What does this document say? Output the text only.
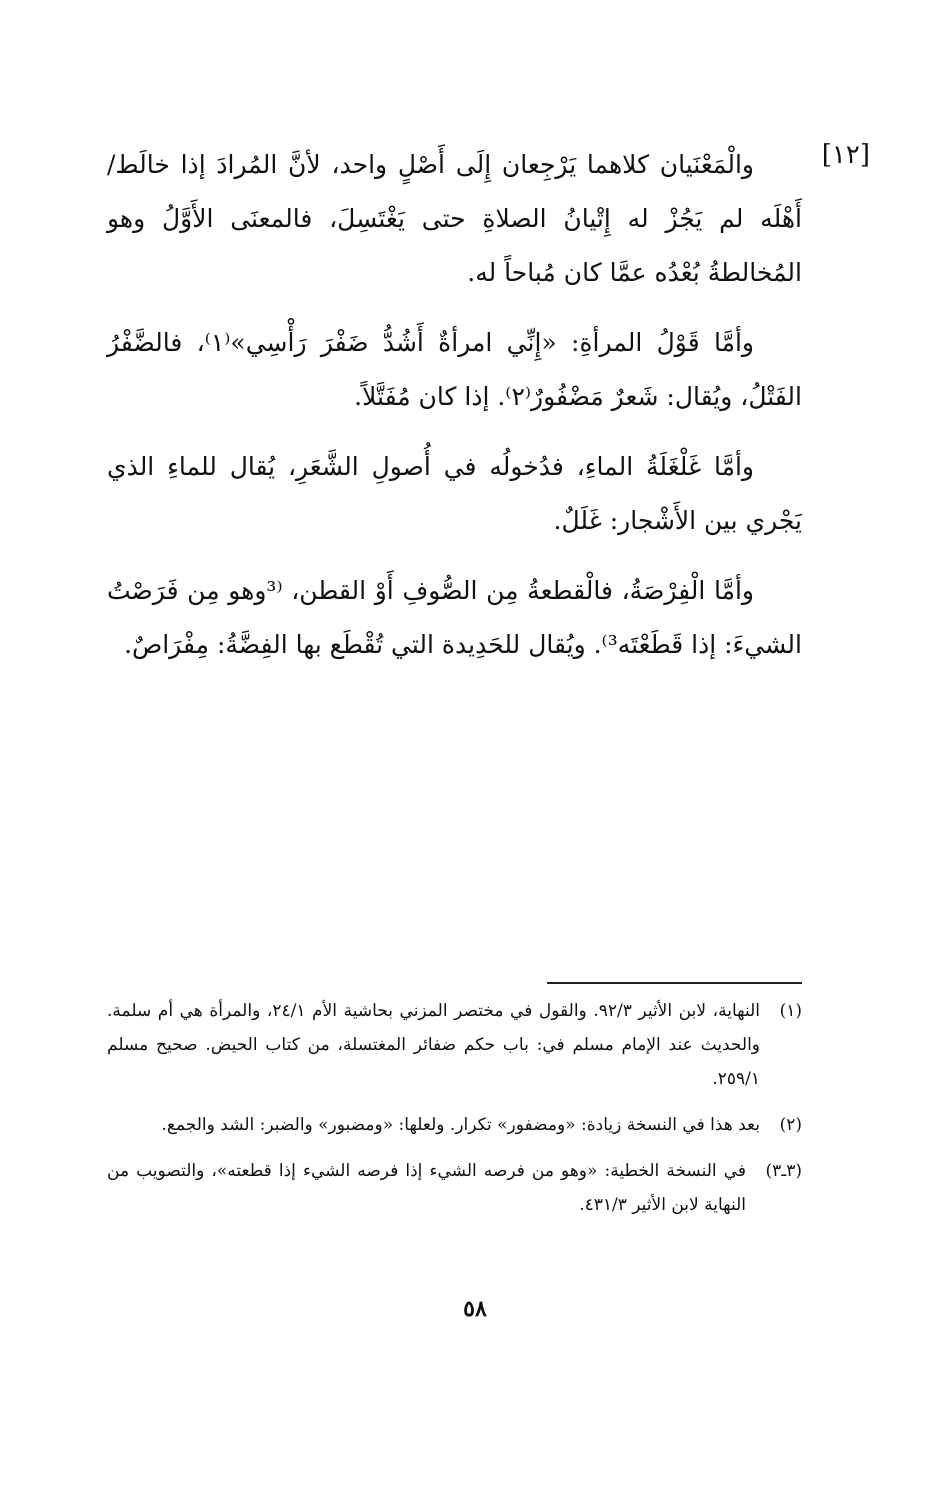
[١٢]

والْمَعْنَيان كلاهما يَرْجِعان إِلَى أَصْلٍ واحد، لأنَّ المُرادَ إذا خالَط/ أَهْلَه لم يَجُزْ له إِتْيانُ الصلاةِ حتى يَغْتَسِلَ، فالمعنَى الأَوَّلُ وهو المُخالطةُ بُعْدُه عمَّا كان مُباحاً له.

وأمَّا قَوْلُ المرأةِ: «إِنِّي امرأةٌ أَشُدُّ ضَفْرَ رَأْسِي»⁽١⁾، فالضَّفْرُ الفَتْلُ، ويُقال: شَعرٌ مَضْفُورٌ⁽٢⁾. إذا كان مُفَتَّلاً.

وأمَّا غَلْغَلَةُ الماءِ، فدُخولُه في أُصولِ الشَّعَرِ، يُقال للماءِ الذي يَجْري بين الأَشْجار: غَلَلٌ.

وأمَّا الْفِرْصَةُ، فالْقطعةُ مِن الصُّوفِ أَوْ القطن، ⁽³وهو مِن فَرَصْتُ الشيءَ: إذا قَطَعْتَه³⁾. ويُقال للحَدِيدة التي تُقْطَع بها الفِضَّةُ: مِفْرَاصٌ.

(١)
النهاية، لابن الأثير ٩٢/٣. والقول في مختصر المزني بحاشية الأم ٢٤/١، والمرأة هي أم سلمة. والحديث عند الإمام مسلم في: باب حكم ضفائر المغتسلة، من كتاب الحيض. صحيح مسلم ٢٥٩/١.
(٢)
بعد هذا في النسخة زيادة: «ومضفور» تكرار. ولعلها: «ومضبور» والضبر: الشد والجمع.
(٣ـ٣)
في النسخة الخطية: «وهو من فرصه الشيء إذا فرصه الشيء إذا قطعته»، والتصويب من النهاية لابن الأثير ٤٣١/٣.
٥٨
